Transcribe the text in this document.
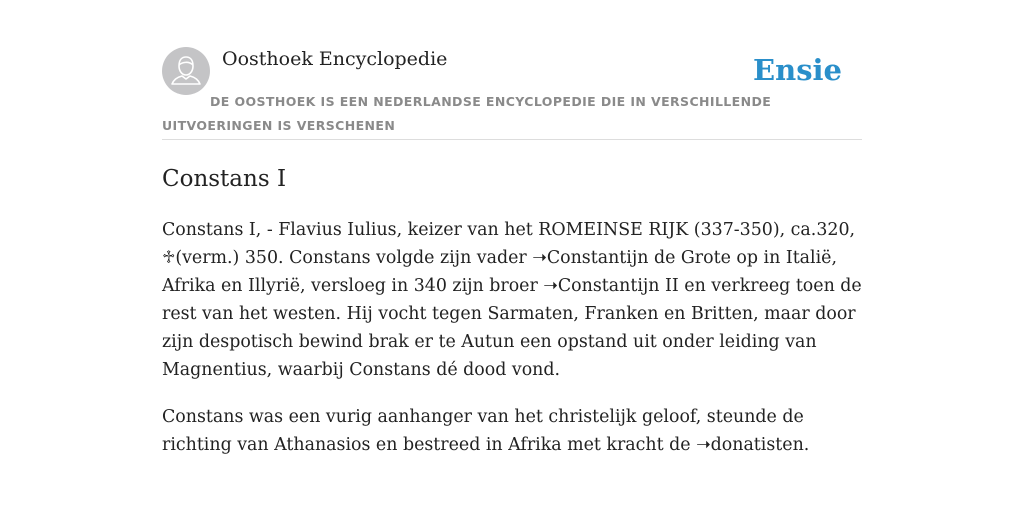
Oosthoek Encyclopedie	Ensie
DE OOSTHOEK IS EEN NEDERLANDSE ENCYCLOPEDIE DIE IN VERSCHILLENDE UITVOERINGEN IS VERSCHENEN
Constans I

Constans I, - Flavius Iulius, keizer van het ROMEINSE RIJK (337-350), ca.320, ♱(verm.) 350. Constans volgde zijn vader ➝Constantijn de Grote op in Italië, Afrika en Illyrië, versloeg in 340 zijn broer ➝Constantijn II en verkreeg toen de rest van het westen. Hij vocht tegen Sarmaten, Franken en Britten, maar door zijn despotisch bewind brak er te Autun een opstand uit onder leiding van Magnentius, waarbij Constans dé dood vond.

Constans was een vurig aanhanger van het christelijk geloof, steunde de richting van Athanasios en bestreed in Afrika met kracht de ➝donatisten.
